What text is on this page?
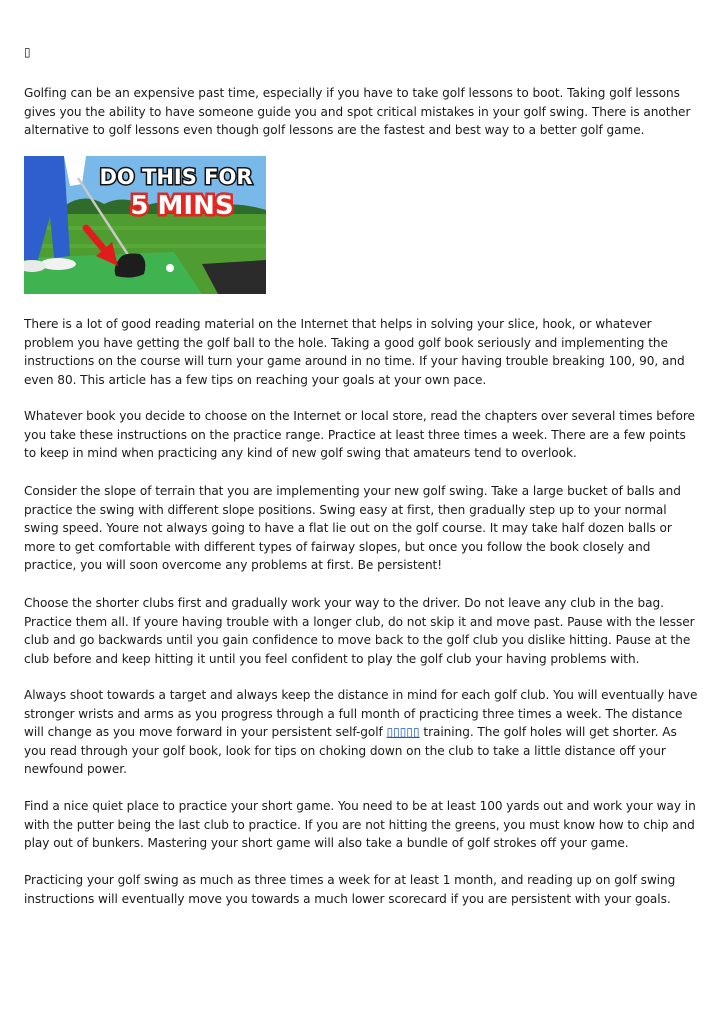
▯

Golfing can be an expensive past time, especially if you have to take golf lessons to boot. Taking golf lessons gives you the ability to have someone guide you and spot critical mistakes in your golf swing. There is another alternative to golf lessons even though golf lessons are the fastest and best way to a better golf game.

DO THIS FOR
5 MINS

There is a lot of good reading material on the Internet that helps in solving your slice, hook, or whatever problem you have getting the golf ball to the hole. Taking a good golf book seriously and implementing the instructions on the course will turn your game around in no time. If your having trouble breaking 100, 90, and even 80. This article has a few tips on reaching your goals at your own pace.

Whatever book you decide to choose on the Internet or local store, read the chapters over several times before you take these instructions on the practice range. Practice at least three times a week. There are a few points to keep in mind when practicing any kind of new golf swing that amateurs tend to overlook.

Consider the slope of terrain that you are implementing your new golf swing. Take a large bucket of balls and practice the swing with different slope positions. Swing easy at first, then gradually step up to your normal swing speed. Youre not always going to have a flat lie out on the golf course. It may take half dozen balls or more to get comfortable with different types of fairway slopes, but once you follow the book closely and practice, you will soon overcome any problems at first. Be persistent!

Choose the shorter clubs first and gradually work your way to the driver. Do not leave any club in the bag. Practice them all. If youre having trouble with a longer club, do not skip it and move past. Pause with the lesser club and go backwards until you gain confidence to move back to the golf club you dislike hitting. Pause at the club before and keep hitting it until you feel confident to play the golf club your having problems with.

Always shoot towards a target and always keep the distance in mind for each golf club. You will eventually have stronger wrists and arms as you progress through a full month of practicing three times a week. The distance will change as you move forward in your persistent self-golf ▯▯▯▯▯ training. The golf holes will get shorter. As you read through your golf book, look for tips on choking down on the club to take a little distance off your newfound power.

Find a nice quiet place to practice your short game. You need to be at least 100 yards out and work your way in with the putter being the last club to practice. If you are not hitting the greens, you must know how to chip and play out of bunkers. Mastering your short game will also take a bundle of golf strokes off your game.

Practicing your golf swing as much as three times a week for at least 1 month, and reading up on golf swing instructions will eventually move you towards a much lower scorecard if you are persistent with your goals.
